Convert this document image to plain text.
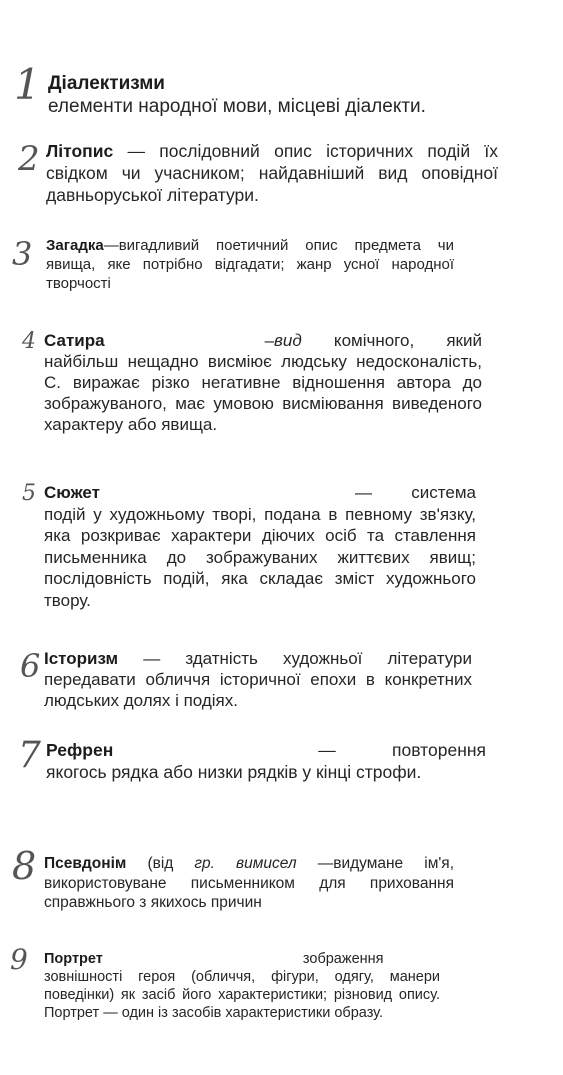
1 Діалектизми
елементи народної мови, місцеві діалекти.
2 Літопис — послідовний опис історичних подій їх свідком чи учасником; найдавніший вид оповідної давньоруської літератури.
3 Загадка—вигадливий поетичний опис предмета чи явища, яке потрібно відгадати; жанр усної народної творчості
4 Сатира	–вид комічного, який найбільш нещадно висміює людську недосконалість, С. виражає різко негативне відношення автора до зображуваного, має умовою висміювання виведеного характеру або явища.
5 Сюжет	— система подій у художньому творі, подана в певному зв'язку, яка розкриває характери діючих осіб та ставлення письменника до зображуваних життєвих явищ; послідовність подій, яка складає зміст художнього твору.
6 Історизм — здатність художньої літератури передавати обличчя історичної епохи в конкретних людських долях і подіях.
7 Рефрен	— повторення якогось рядка або низки рядків у кінці строфи.
8 Псевдонім (від гр. вимисел —видумане ім'я, використовуване письменником для приховання справжнього з якихось причин
9 Портрет	зображення зовнішності героя (обличчя, фігури, одягу, манери поведінки) як засіб його характеристики; різновид опису. Портрет — один із засобів характеристики образу.
